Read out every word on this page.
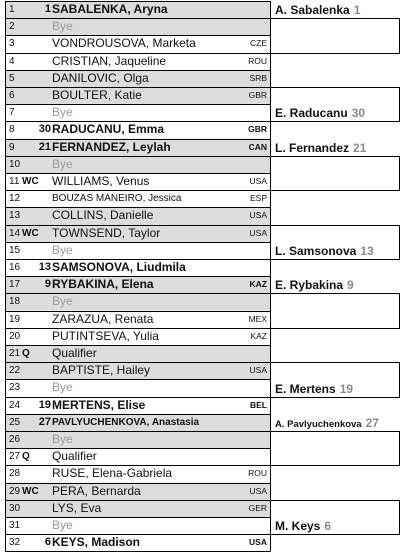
1	1 SABALENKA, Aryna
2	Bye
3	VONDROUSOVA, Marketa	CZE
4	CRISTIAN, Jaqueline	ROU
5	DANILOVIC, Olga	SRB
6	BOULTER, Katie	GBR
7	Bye
8	30 RADUCANU, Emma	GBR
9	21 FERNANDEZ, Leylah	CAN
10	Bye
11 WC WILLIAMS, Venus	USA
12	BOUZAS MANEIRO, Jessica	ESP
13	COLLINS, Danielle	USA
14 WC TOWNSEND, Taylor	USA
15	Bye
16	13 SAMSONOVA, Liudmila
17	9 RYBAKINA, Elena	KAZ
18	Bye
19	ZARAZUA, Renata	MEX
20	PUTINTSEVA, Yulia	KAZ
21 Q	Qualifier
22	BAPTISTE, Hailey	USA
23	Bye
24	19 MERTENS, Elise	BEL
25	27 PAVLYUCHENKOVA, Anastasia
26	Bye
27 Q	Qualifier
28	RUSE, Elena-Gabriela	ROU
29 WC PERA, Bernarda	USA
30	LYS, Eva	GER
31	Bye
32	6 KEYS, Madison	USA
A. Sabalenka 1
E. Raducanu 30
L. Fernandez 21
L. Samsonova 13
E. Rybakina 9
E. Mertens 19
A. Pavlyuchenkova 27
M. Keys 6
